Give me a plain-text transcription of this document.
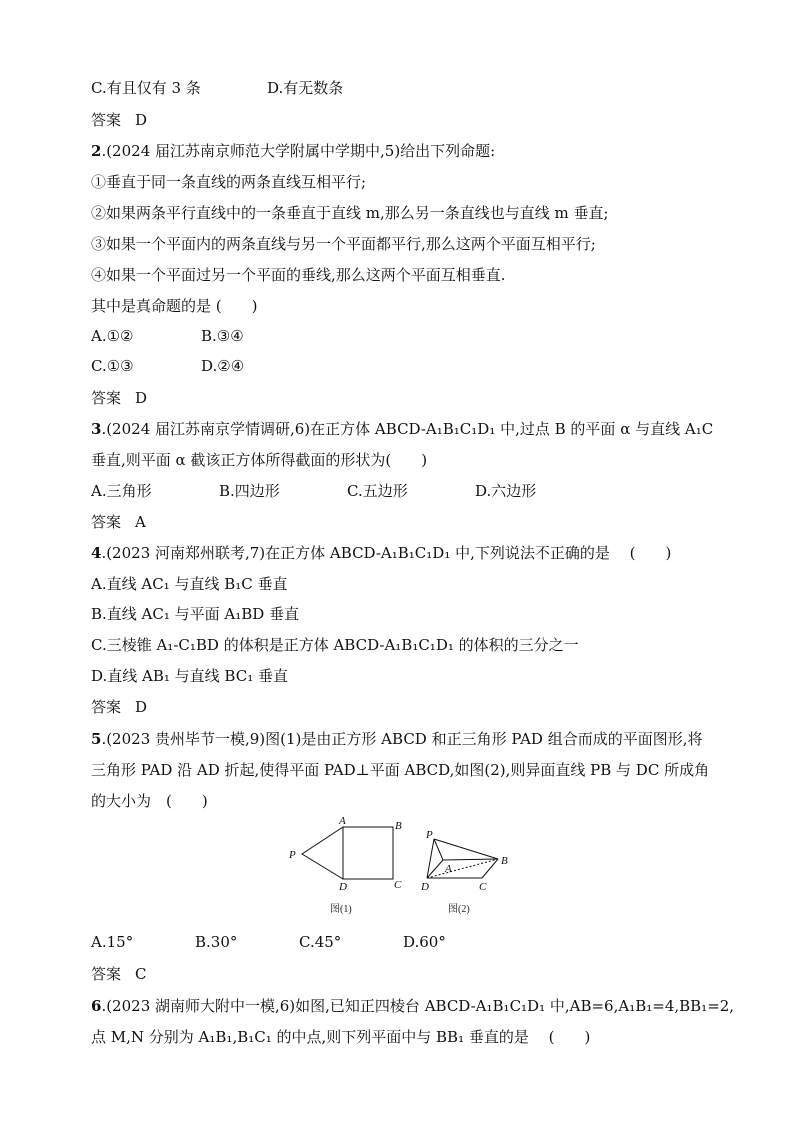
C.有且仅有 3 条	D.有无数条
答案 D
2.(2024 届江苏南京师范大学附属中学期中,5)给出下列命题:
①垂直于同一条直线的两条直线互相平行;
②如果两条平行直线中的一条垂直于直线 m,那么另一条直线也与直线 m 垂直;
③如果一个平面内的两条直线与另一个平面都平行,那么这两个平面互相平行;
④如果一个平面过另一个平面的垂线,那么这两个平面互相垂直.
其中是真命题的是 (　　)
A.①②	B.③④
C.①③	D.②④
答案 D
3.(2024 届江苏南京学情调研,6)在正方体 ABCD-A₁B₁C₁D₁ 中,过点 B 的平面 α 与直线 A₁C
垂直,则平面 α 截该正方体所得截面的形状为(　　)
A.三角形	B.四边形	C.五边形	D.六边形
答案 A
4.(2023 河南郑州联考,7)在正方体 ABCD-A₁B₁C₁D₁ 中,下列说法不正确的是　 (　　)
A.直线 AC₁ 与直线 B₁C 垂直
B.直线 AC₁ 与平面 A₁BD 垂直
C.三棱锥 A₁-C₁BD 的体积是正方体 ABCD-A₁B₁C₁D₁ 的体积的三分之一
D.直线 AB₁ 与直线 BC₁ 垂直
答案 D
5.(2023 贵州毕节一模,9)图(1)是由正方形 ABCD 和正三角形 PAD 组合而成的平面图形,将
三角形 PAD 沿 AD 折起,使得平面 PAD⊥平面 ABCD,如图(2),则异面直线 PB 与 DC 所成角
的大小为　(　　)
A	B
C
D
P
P
A
B
C
D
图(1)	图(2)
A.15°	B.30°	C.45°	D.60°
答案 C
6.(2023 湖南师大附中一模,6)如图,已知正四棱台 ABCD-A₁B₁C₁D₁ 中,AB=6,A₁B₁=4,BB₁=2,
点 M,N 分别为 A₁B₁,B₁C₁ 的中点,则下列平面中与 BB₁ 垂直的是　 (　　)
